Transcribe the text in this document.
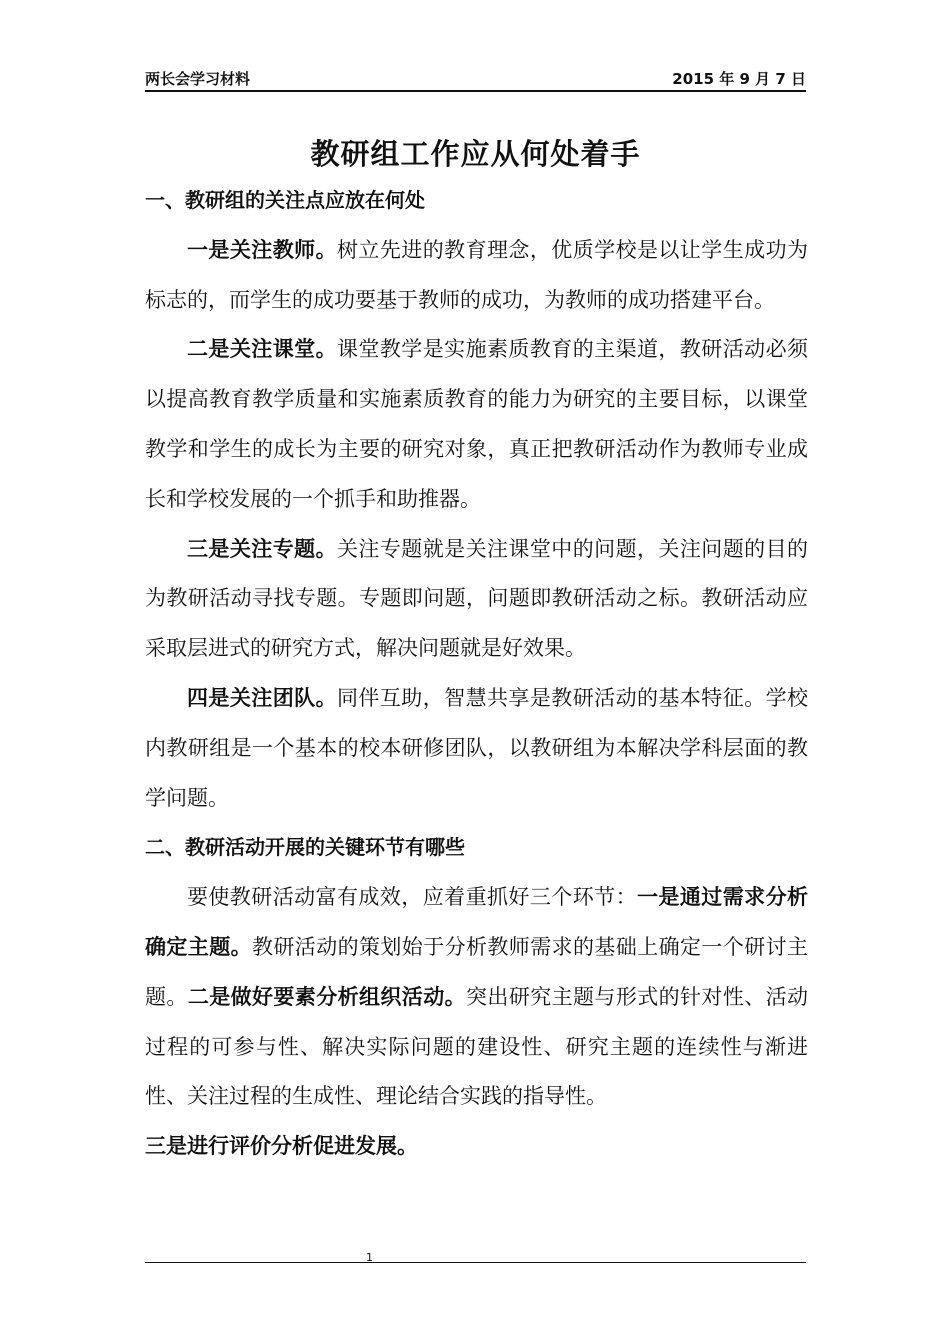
两长会学习材料	2015 年 9 月 7 日
教研组工作应从何处着手
一、教研组的关注点应放在何处
一是关注教师。树立先进的教育理念，优质学校是以让学生成功为标志的，而学生的成功要基于教师的成功，为教师的成功搭建平台。
二是关注课堂。课堂教学是实施素质教育的主渠道，教研活动必须以提高教育教学质量和实施素质教育的能力为研究的主要目标，以课堂教学和学生的成长为主要的研究对象，真正把教研活动作为教师专业成长和学校发展的一个抓手和助推器。
三是关注专题。关注专题就是关注课堂中的问题，关注问题的目的为教研活动寻找专题。专题即问题，问题即教研活动之标。教研活动应采取层进式的研究方式，解决问题就是好效果。
四是关注团队。同伴互助，智慧共享是教研活动的基本特征。学校内教研组是一个基本的校本研修团队，以教研组为本解决学科层面的教学问题。
二、教研活动开展的关键环节有哪些
要使教研活动富有成效，应着重抓好三个环节：一是通过需求分析确定主题。教研活动的策划始于分析教师需求的基础上确定一个研讨主题。二是做好要素分析组织活动。突出研究主题与形式的针对性、活动过程的可参与性、解决实际问题的建设性、研究主题的连续性与渐进性、关注过程的生成性、理论结合实践的指导性。
三是进行评价分析促进发展。
1
